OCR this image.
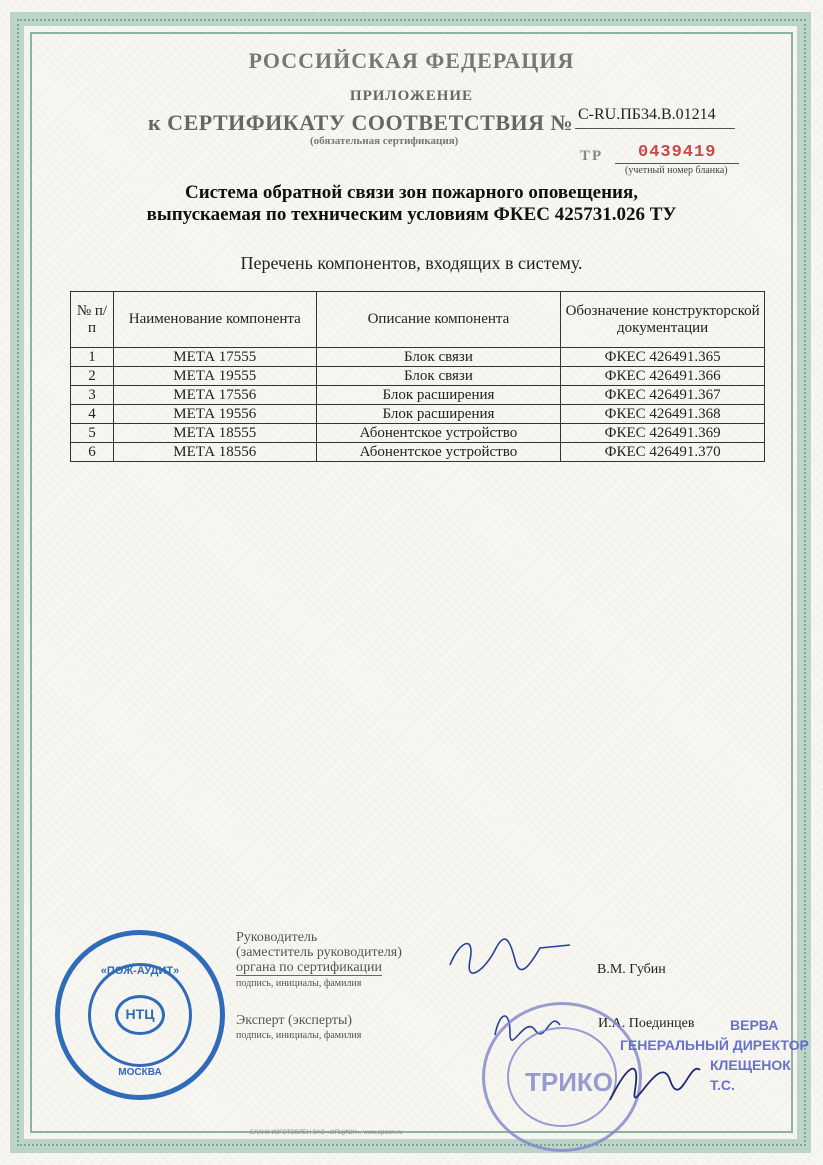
РОССИЙСКАЯ ФЕДЕРАЦИЯ
ПРИЛОЖЕНИЕ
к СЕРТИФИКАТУ СООТВЕТСТВИЯ № C-RU.ПБ34.В.01214
(обязательная сертификация)
ТР 0439419
(учетный номер бланка)
Система обратной связи зон пожарного оповещения,
выпускаемая по техническим условиям ФКЕС 425731.026 ТУ
Перечень компонентов, входящих в систему.
№ п/п	Наименование компонента	Описание компонента	Обозначение конструкторской документации
1	МЕТА 17555	Блок связи	ФКЕС 426491.365
2	МЕТА 19555	Блок связи	ФКЕС 426491.366
3	МЕТА 17556	Блок расширения	ФКЕС 426491.367
4	МЕТА 19556	Блок расширения	ФКЕС 426491.368
5	МЕТА 18555	Абонентское устройство	ФКЕС 426491.369
6	МЕТА 18556	Абонентское устройство	ФКЕС 426491.370
«ПОЖ-АУДИТ»
НТЦ
МОСКВА
Руководитель
(заместитель руководителя)
органа по сертификации
подпись, инициалы, фамилия
В.М. Губин
Эксперт (эксперты)
подпись, инициалы, фамилия
И.А. Поединцев
ТРИКО
ВЕРВА
ГЕНЕРАЛЬНЫЙ ДИРЕКТОР
КЛЕЩЕНОК Т.С.
БЛАНК ИЗГОТОВЛЕН ЗАО «ОПЦИОН», www.opcion.ru
